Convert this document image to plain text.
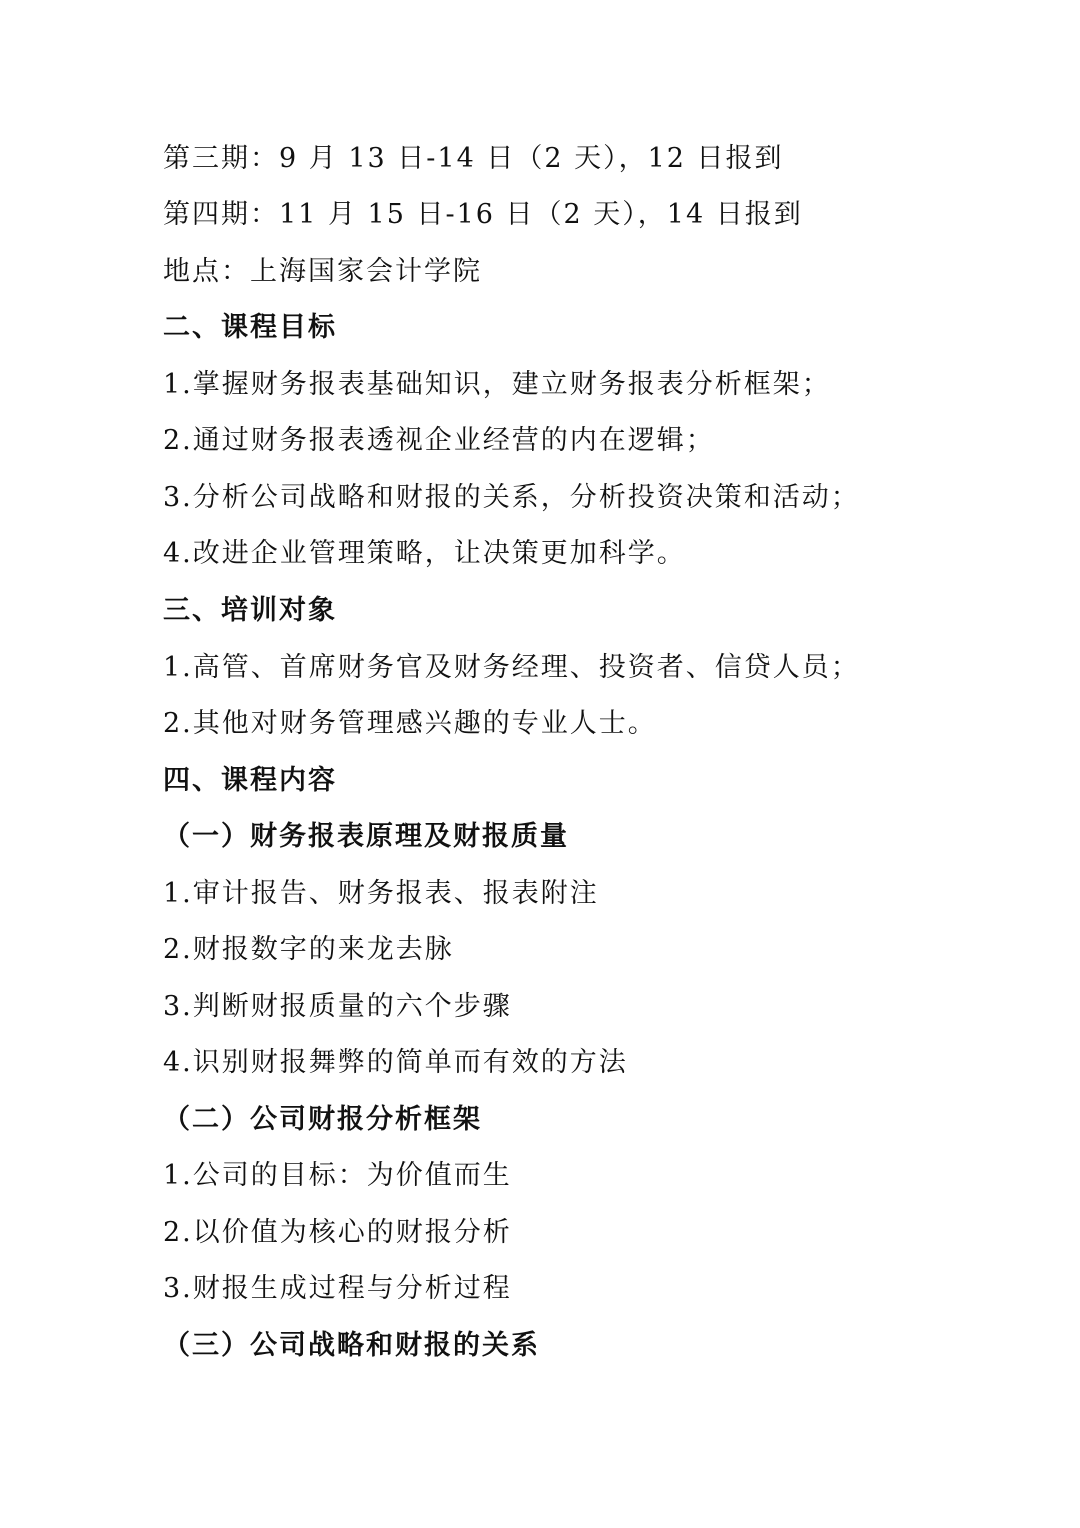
第三期：9 月 13 日-14 日（2 天），12 日报到
第四期：11 月 15 日-16 日（2 天），14 日报到
地点：上海国家会计学院
二、课程目标
1.掌握财务报表基础知识，建立财务报表分析框架；
2.通过财务报表透视企业经营的内在逻辑；
3.分析公司战略和财报的关系，分析投资决策和活动；
4.改进企业管理策略，让决策更加科学。
三、培训对象
1.高管、首席财务官及财务经理、投资者、信贷人员；
2.其他对财务管理感兴趣的专业人士。
四、课程内容
（一）财务报表原理及财报质量
1.审计报告、财务报表、报表附注
2.财报数字的来龙去脉
3.判断财报质量的六个步骤
4.识别财报舞弊的简单而有效的方法
（二）公司财报分析框架
1.公司的目标：为价值而生
2.以价值为核心的财报分析
3.财报生成过程与分析过程
（三）公司战略和财报的关系
